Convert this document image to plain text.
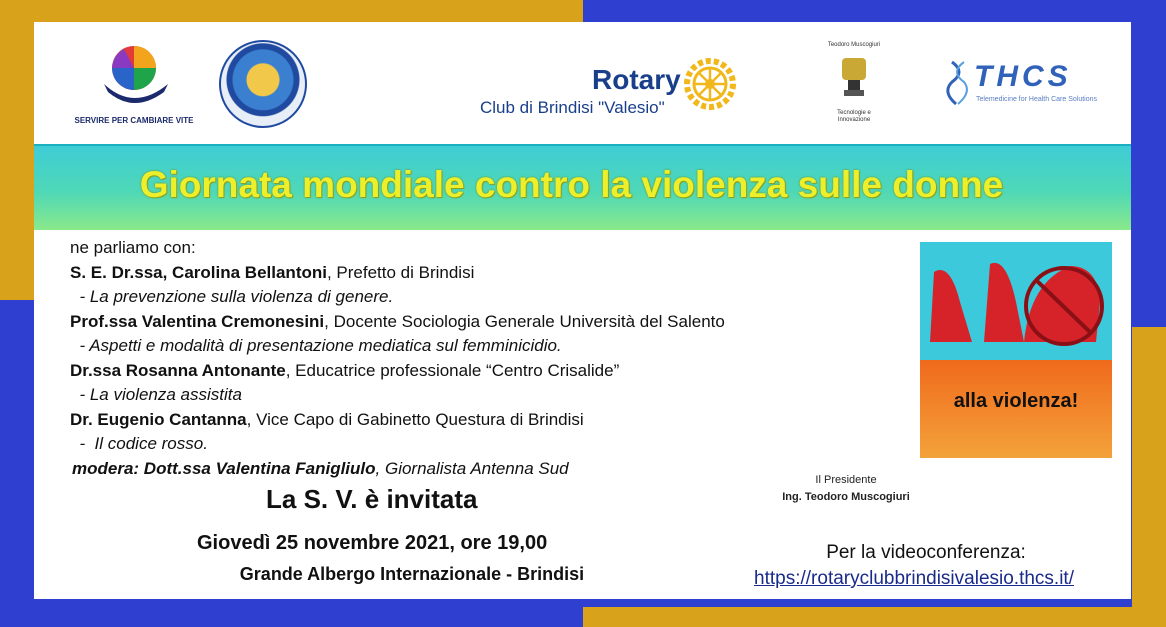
SERVIRE PER CAMBIARE VITE
Rotary
Club di Brindisi "Valesio"
Teodoro Muscogiuri
Tecnologie e Innovazione
THCS
Telemedicine for Health Care Solutions
Giornata mondiale contro la violenza sulle donne
ne parliamo con:
S. E. Dr.ssa, Carolina Bellantoni, Prefetto di Brindisi
- La prevenzione sulla violenza di genere.
Prof.ssa Valentina Cremonesini, Docente Sociologia Generale Università del Salento
- Aspetti e modalità di presentazione mediatica sul femminicidio.
Dr.ssa Rosanna Antonante, Educatrice professionale “Centro Crisalide”
- La violenza assistita
Dr. Eugenio Cantanna, Vice Capo di Gabinetto Questura di Brindisi
-  Il codice rosso.
modera: Dott.ssa Valentina Fanigliulo, Giornalista Antenna Sud
La S. V. è invitata
Giovedì 25 novembre 2021, ore 19,00
Grande Albergo Internazionale - Brindisi
alla violenza!
Il Presidente
Ing. Teodoro Muscogiuri
Per la videoconferenza:
https://rotaryclubbrindisivalesio.thcs.it/
